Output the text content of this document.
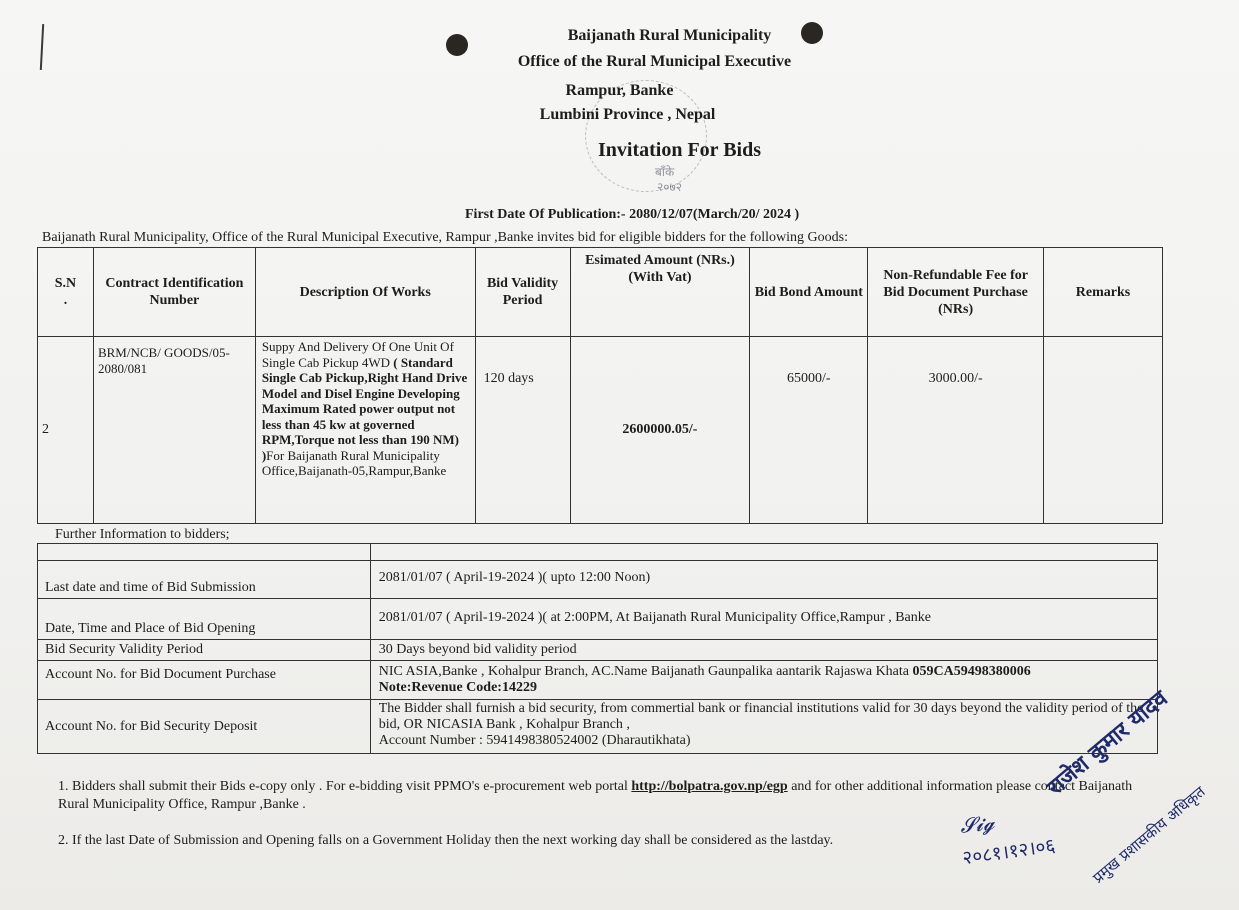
बाँके
२०७२
Baijanath Rural Municipality
Office of the Rural Municipal Executive
Rampur, Banke
Lumbini Province , Nepal
Invitation For Bids
First Date Of Publication:- 2080/12/07(March/20/ 2024 )
Baijanath Rural Municipality, Office of the Rural Municipal Executive, Rampur ,Banke invites bid for eligible bidders for the following Goods:
S.N
.	Contract Identification Number	Description Of Works	Bid Validity Period	Esimated Amount (NRs.)(With Vat)	Bid Bond Amount	Non-Refundable Fee for Bid Document Purchase (NRs)	Remarks
2	BRM/NCB/ GOODS/05-2080/081	Suppy And Delivery Of One Unit Of Single Cab Pickup 4WD ( Standard Single Cab Pickup,Right Hand Drive Model and Disel Engine Developing Maximum Rated power output not less than 45 kw at governed RPM,Torque not less than 190 NM) )For Baijanath Rural Municipality Office,Baijanath-05,Rampur,Banke	120 days	2600000.05/-	65000/-	3000.00/-	
Further Information to bidders;

Last date and time of Bid Submission	2081/01/07 ( April-19-2024 )( upto 12:00 Noon)
Date, Time and Place of Bid Opening	2081/01/07 ( April-19-2024 )( at 2:00PM, At Baijanath Rural Municipality Office,Rampur , Banke
Bid Security Validity Period	30 Days beyond bid validity period
Account No. for Bid Document Purchase	NIC ASIA,Banke , Kohalpur Branch, AC.Name Baijanath Gaunpalika aantarik Rajaswa Khata 059CA59498380006
Note:Revenue Code:14229
Account No. for Bid Security Deposit	The Bidder shall furnish a bid security, from commertial bank or financial institutions valid for 30 days beyond the validity period of the bid, OR NICASIA Bank , Kohalpur Branch ,
Account Number : 5941498380524002 (Dharautikhata)
1. Bidders shall submit their Bids e-copy only . For e-bidding visit PPMO's e-procurement web portal http://bolpatra.gov.np/egp and for other additional information please contact Baijanath Rural Municipality Office, Rampur ,Banke .
2. If the last Date of Submission and Opening falls on a Government Holiday then the next working day shall be considered as the lastday.
𝓢𝓲𝓰
२०८१।१२।०६
राजेश कुमार यादव
प्रमुख प्रशासकीय अधिकृत
